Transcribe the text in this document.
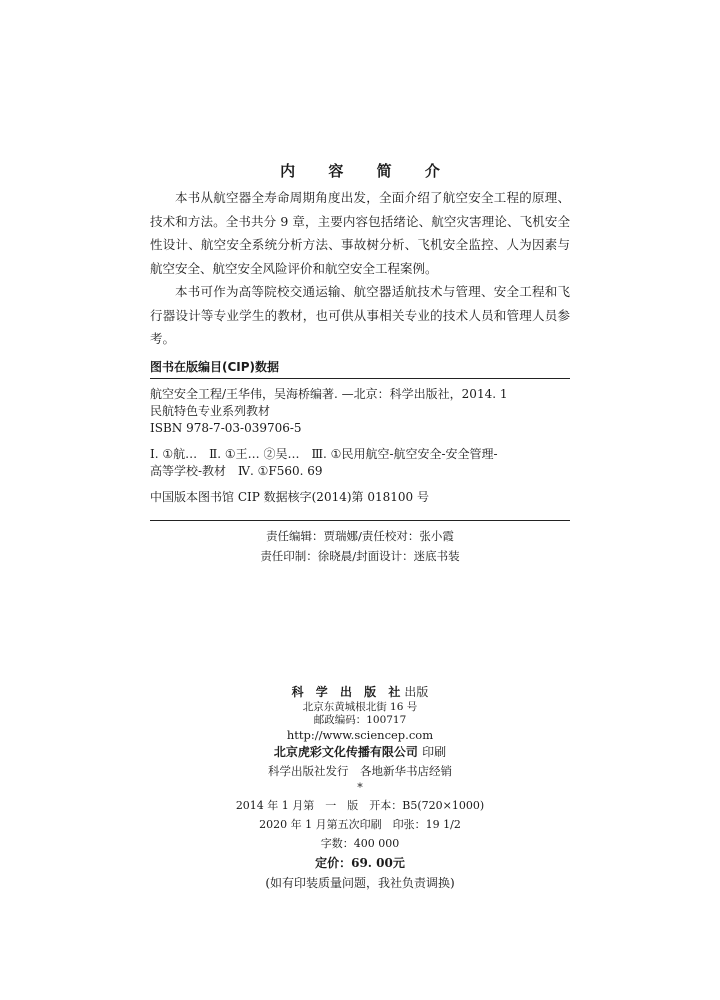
内 容 简 介

本书从航空器全寿命周期角度出发，全面介绍了航空安全工程的原理、技术和方法。全书共分 9 章，主要内容包括绪论、航空灾害理论、飞机安全性设计、航空安全系统分析方法、事故树分析、飞机安全监控、人为因素与航空安全、航空安全风险评价和航空安全工程案例。

本书可作为高等院校交通运输、航空器适航技术与管理、安全工程和飞行器设计等专业学生的教材，也可供从事相关专业的技术人员和管理人员参考。

图书在版编目(CIP)数据
航空安全工程/王华伟，吴海桥编著. —北京：科学出版社，2014. 1
民航特色专业系列教材
ISBN 978-7-03-039706-5
Ⅰ. ①航…　Ⅱ. ①王… ②吴…　Ⅲ. ①民用航空-航空安全-安全管理-
高等学校-教材　Ⅳ. ①F560. 69
中国版本图书馆 CIP 数据核字(2014)第 018100 号
责任编辑：贾瑞娜/责任校对：张小霞
责任印制：徐晓晨/封面设计：迷底书装
科 学 出 版 社出版
北京东黄城根北街 16 号
邮政编码：100717
http://www.sciencep.com
北京虎彩文化传播有限公司 印刷
科学出版社发行　各地新华书店经销
*
2014 年 1 月第　一　版　开本：B5(720×1000)
2020 年 1 月第五次印刷　印张：19 1/2
字数：400 000
定价：69. 00元
(如有印装质量问题，我社负责调换)
